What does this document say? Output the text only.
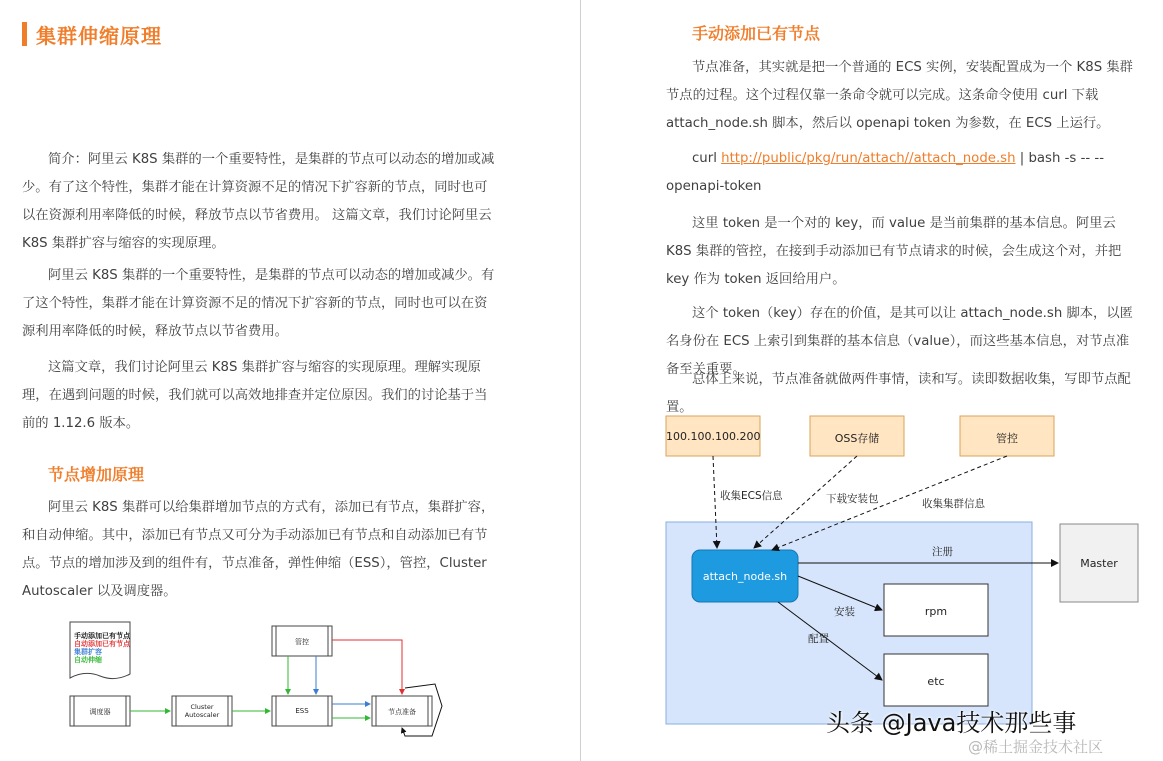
集群伸缩原理

简介：阿里云 K8S 集群的一个重要特性，是集群的节点可以动态的增加或减少。有了这个特性，集群才能在计算资源不足的情况下扩容新的节点，同时也可以在资源利用率降低的时候，释放节点以节省费用。 这篇文章，我们讨论阿里云 K8S 集群扩容与缩容的实现原理。

阿里云 K8S 集群的一个重要特性，是集群的节点可以动态的增加或减少。有了这个特性，集群才能在计算资源不足的情况下扩容新的节点，同时也可以在资源利用率降低的时候，释放节点以节省费用。

这篇文章，我们讨论阿里云 K8S 集群扩容与缩容的实现原理。理解实现原理，在遇到问题的时候，我们就可以高效地排查并定位原因。我们的讨论基于当前的 1.12.6 版本。

节点增加原理

阿里云 K8S 集群可以给集群增加节点的方式有，添加已有节点，集群扩容，和自动伸缩。其中，添加已有节点又可分为手动添加已有节点和自动添加已有节点。节点的增加涉及到的组件有，节点准备，弹性伸缩（ESS），管控，Cluster Autoscaler 以及调度器。

手动添加已有节点
自动添加已有节点
集群扩容
自动伸缩
调度器
Cluster
Autoscaler
管控
ESS	节点准备
手动添加已有节点

节点准备，其实就是把一个普通的 ECS 实例，安装配置成为一个 K8S 集群节点的过程。这个过程仅靠一条命令就可以完成。这条命令使用 curl 下载 attach_node.sh 脚本，然后以 openapi token 为参数，在 ECS 上运行。

curl http://public/pkg/run/attach//attach_node.sh | bash -s -- --openapi-token

这里 token 是一个对的 key，而 value 是当前集群的基本信息。阿里云 K8S 集群的管控，在接到手动添加已有节点请求的时候，会生成这个对，并把 key 作为 token 返回给用户。

这个 token（key）存在的价值，是其可以让 attach_node.sh 脚本，以匿名身份在 ECS 上索引到集群的基本信息（value），而这些基本信息，对节点准备至关重要。

总体上来说，节点准备就做两件事情，读和写。读即数据收集，写即节点配置。

100.100.100.200	OSS存储	管控
收集ECS信息	下载安装包	收集集群信息
attach_node.sh
注册
Master
安装	rpm
配置
etc
头条 @Java技术那些事
@稀土掘金技术社区
